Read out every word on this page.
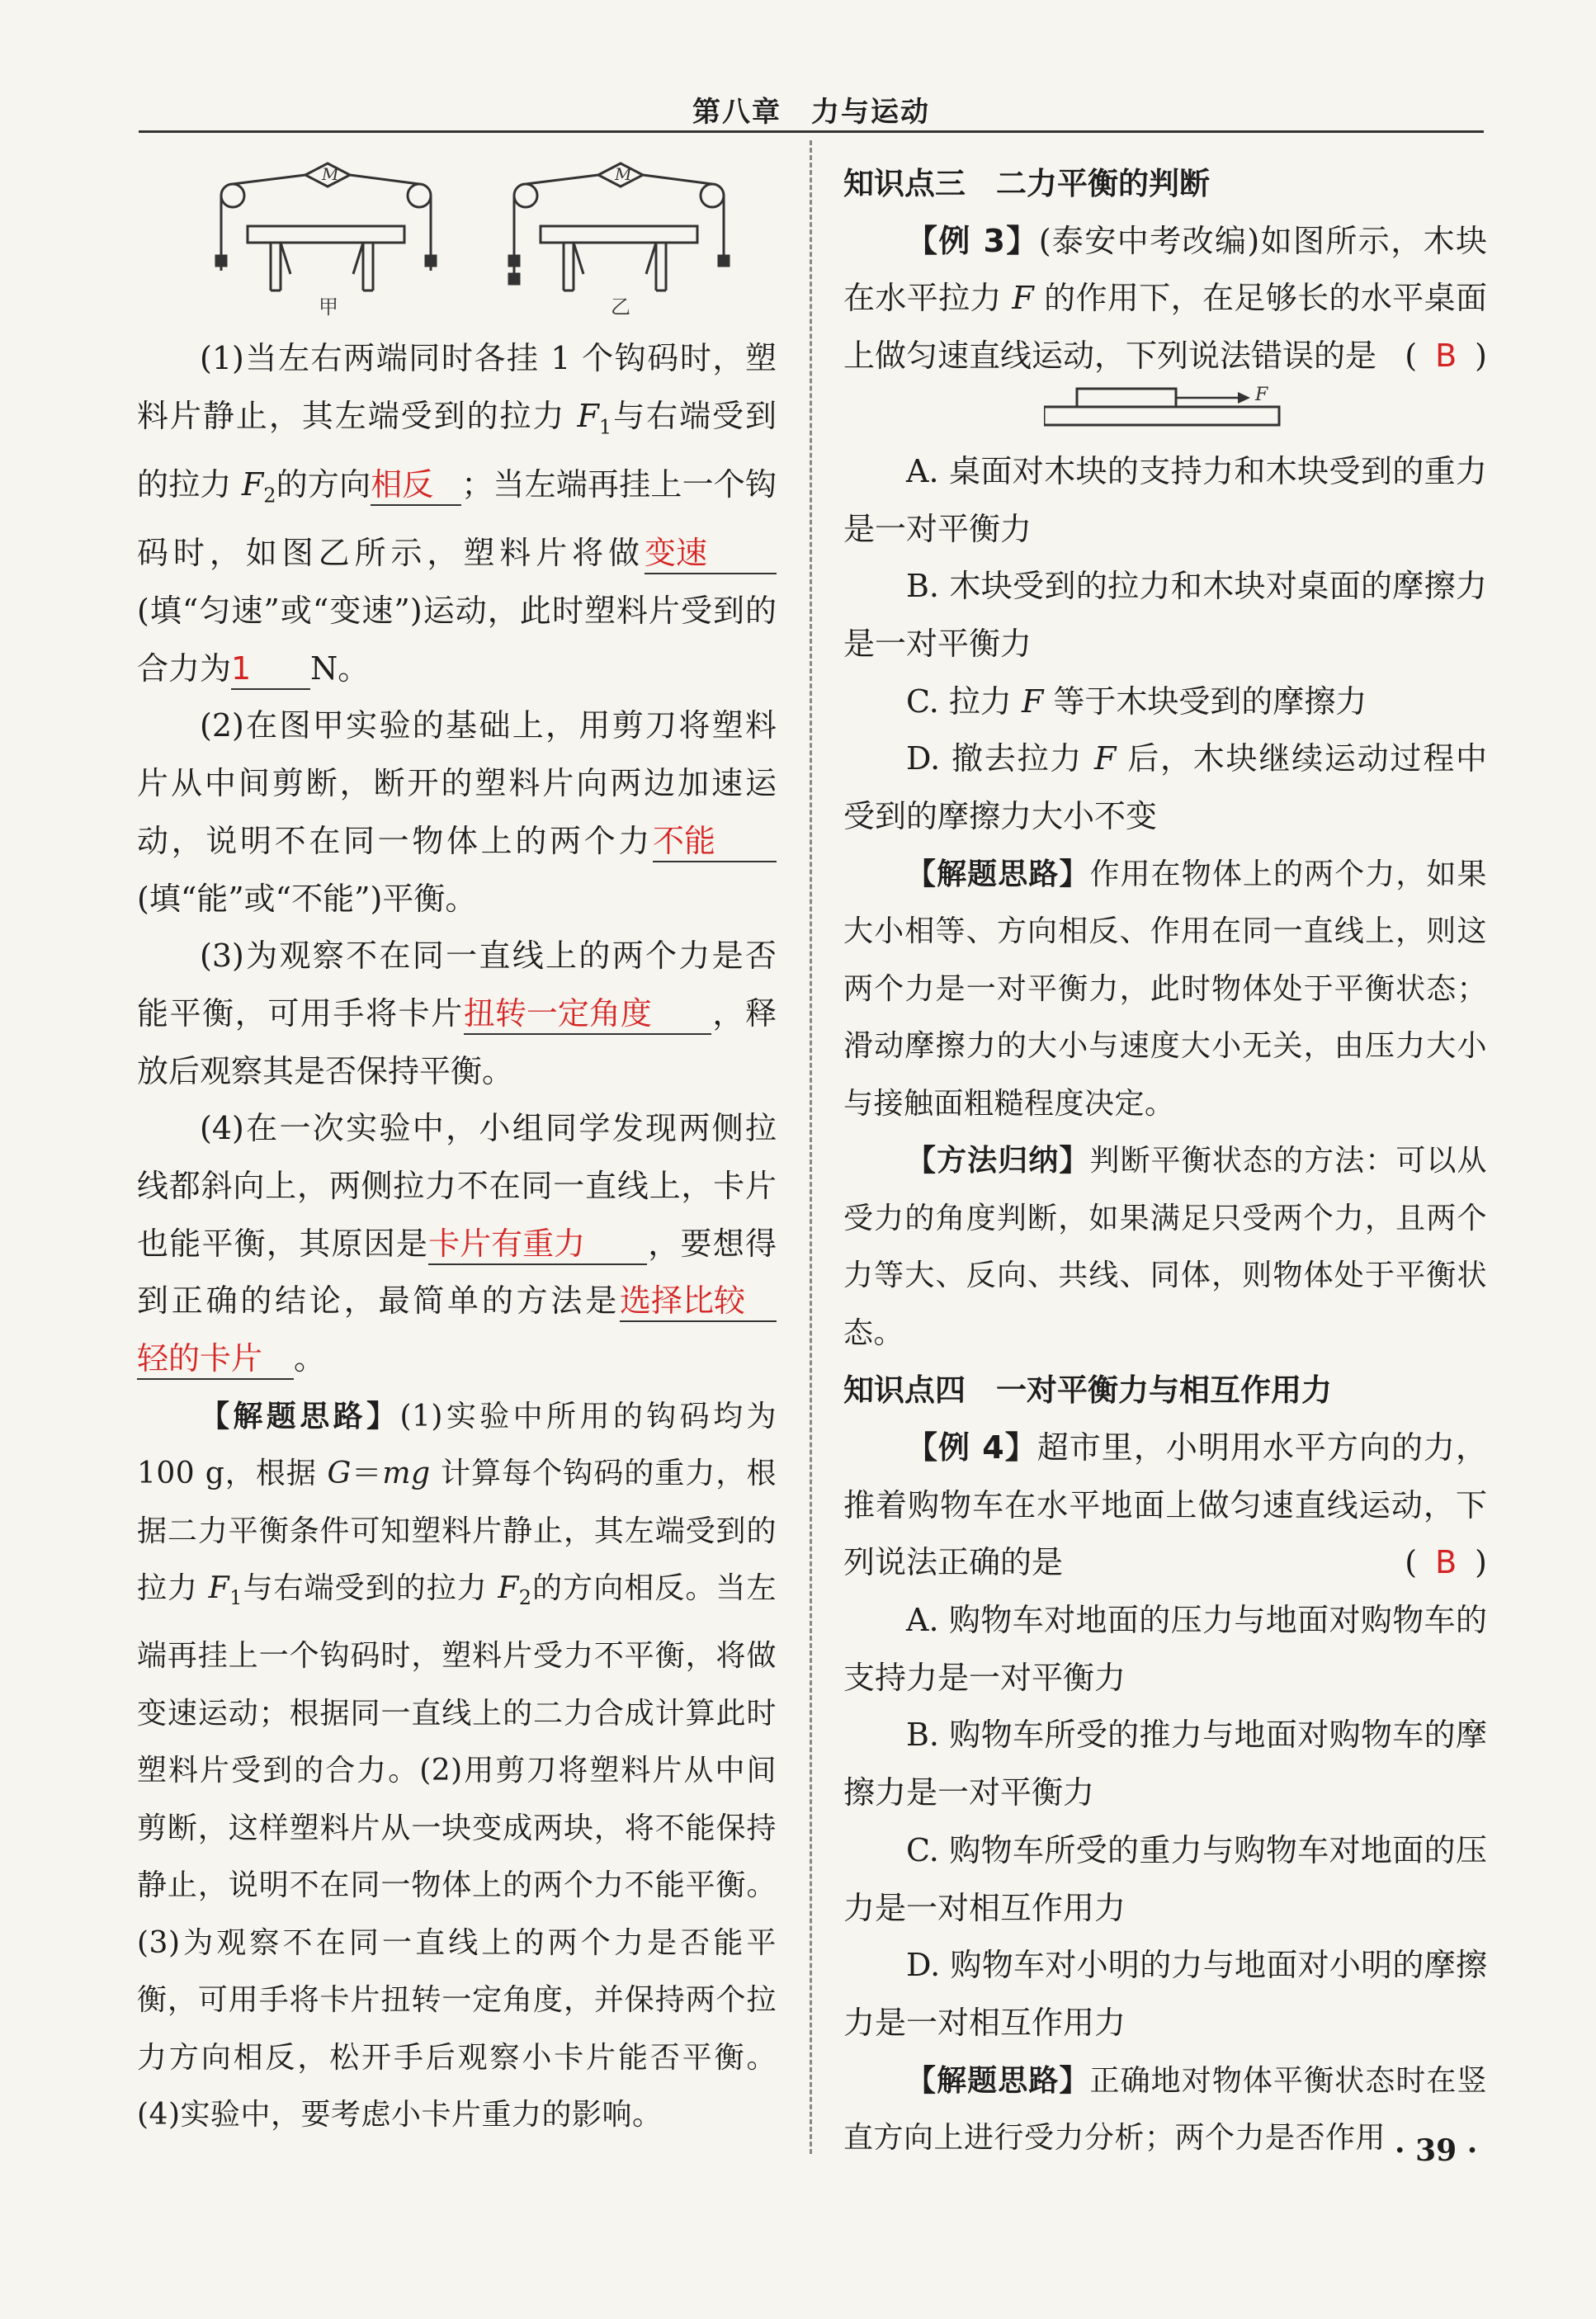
第八章　力与运动
M
甲
M
乙

(1)当左右两端同时各挂 1 个钩码时，塑料片静止，其左端受到的拉力 $F_1$与右端受到的拉力 $F_2$的方向相反 ；当左端再挂上一个钩码时，如图乙所示，塑料片将做变速(填“匀速”或“变速”)运动，此时塑料片受到的合力为1 N。

(2)在图甲实验的基础上，用剪刀将塑料片从中间剪断，断开的塑料片向两边加速运动，说明不在同一物体上的两个力不能(填“能”或“不能”)平衡。

(3)为观察不在同一直线上的两个力是否能平衡，可用手将卡片扭转一定角度 ，释放后观察其是否保持平衡。

(4)在一次实验中，小组同学发现两侧拉线都斜向上，两侧拉力不在同一直线上，卡片也能平衡，其原因是卡片有重力 ，要想得到正确的结论，最简单的方法是选择比较轻的卡片 。

【解题思路】(1)实验中所用的钩码均为 100 g，根据 G＝mg 计算每个钩码的重力，根据二力平衡条件可知塑料片静止，其左端受到的拉力 $F_1$与右端受到的拉力 $F_2$的方向相反。当左端再挂上一个钩码时，塑料片受力不平衡，将做变速运动；根据同一直线上的二力合成计算此时塑料片受到的合力。(2)用剪刀将塑料片从中间剪断，这样塑料片从一块变成两块，将不能保持静止，说明不在同一物体上的两个力不能平衡。(3)为观察不在同一直线上的两个力是否能平衡，可用手将卡片扭转一定角度，并保持两个拉力方向相反，松开手后观察小卡片能否平衡。(4)实验中，要考虑小卡片重力的影响。

知识点三　二力平衡的判断

【例 3】(泰安中考改编)如图所示，木块在水平拉力 F 的作用下，在足够长的水平桌面上做匀速直线运动，下列说法错误的是 ( B )

A. 桌面对木块的支持力和木块受到的重力是一对平衡力

B. 木块受到的拉力和木块对桌面的摩擦力是一对平衡力

C. 拉力 F 等于木块受到的摩擦力

D. 撤去拉力 F 后，木块继续运动过程中受到的摩擦力大小不变

【解题思路】作用在物体上的两个力，如果大小相等、方向相反、作用在同一直线上，则这两个力是一对平衡力，此时物体处于平衡状态；滑动摩擦力的大小与速度大小无关，由压力大小与接触面粗糙程度决定。

【方法归纳】判断平衡状态的方法：可以从受力的角度判断，如果满足只受两个力，且两个力等大、反向、共线、同体，则物体处于平衡状态。

知识点四　一对平衡力与相互作用力

【例 4】超市里，小明用水平方向的力，推着购物车在水平地面上做匀速直线运动，下列说法正确的是	( B )

A. 购物车对地面的压力与地面对购物车的支持力是一对平衡力

B. 购物车所受的推力与地面对购物车的摩擦力是一对平衡力

C. 购物车所受的重力与购物车对地面的压力是一对相互作用力

D. 购物车对小明的力与地面对小明的摩擦力是一对相互作用力

【解题思路】正确地对物体平衡状态时在竖直方向上进行受力分析；两个力是否作用

F
· 39 ·
